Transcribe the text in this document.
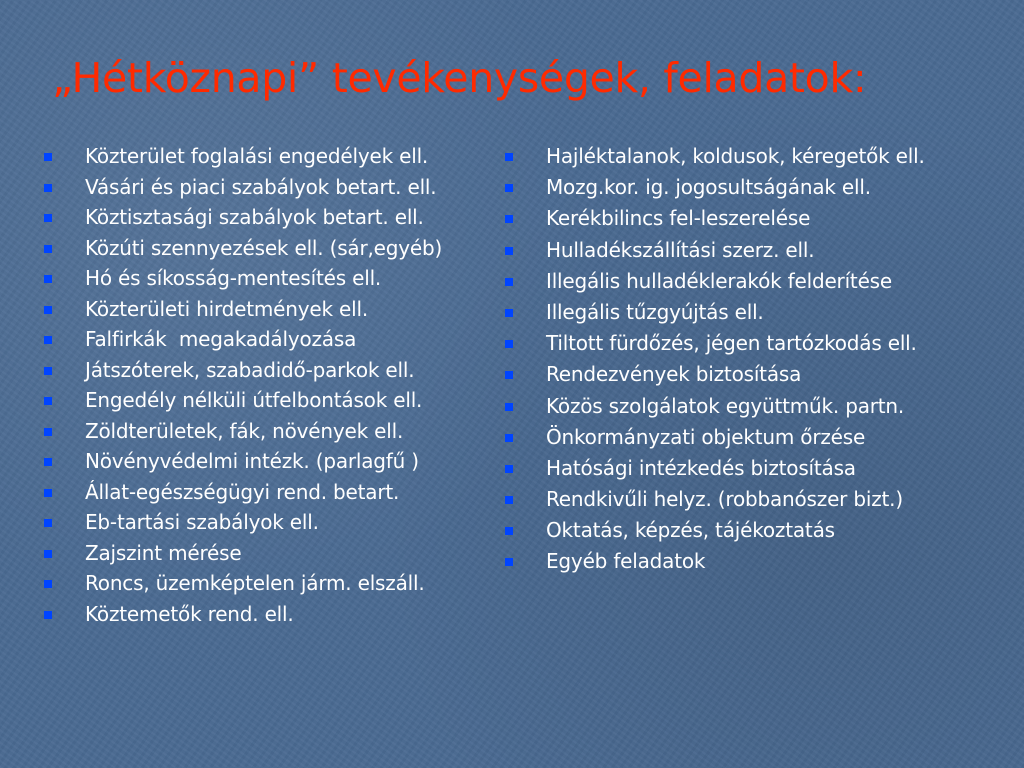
„Hétköznapi” tevékenységek, feladatok:
Közterület foglalási engedélyek ell.
Vásári és piaci szabályok betart. ell.
Köztisztasági szabályok betart. ell.
Közúti szennyezések ell. (sár,egyéb)
Hó és síkosság-mentesítés ell.
Közterületi hirdetmények ell.
Falfirkák  megakadályozása
Játszóterek, szabadidő-parkok ell.
Engedély nélküli útfelbontások ell.
Zöldterületek, fák, növények ell.
Növényvédelmi intézk. (parlagfű )
Állat-egészségügyi rend. betart.
Eb-tartási szabályok ell.
Zajszint mérése
Roncs, üzemképtelen járm. elszáll.
Köztemetők rend. ell.
Hajléktalanok, koldusok, kéregetők ell.
Mozg.kor. ig. jogosultságának ell.
Kerékbilincs fel-leszerelése
Hulladékszállítási szerz. ell.
Illegális hulladéklerakók felderítése
Illegális tűzgyújtás ell.
Tiltott fürdőzés, jégen tartózkodás ell.
Rendezvények biztosítása
Közös szolgálatok együttműk. partn.
Önkormányzati objektum őrzése
Hatósági intézkedés biztosítása
Rendkivűli helyz. (robbanószer bizt.)
Oktatás, képzés, tájékoztatás
Egyéb feladatok
